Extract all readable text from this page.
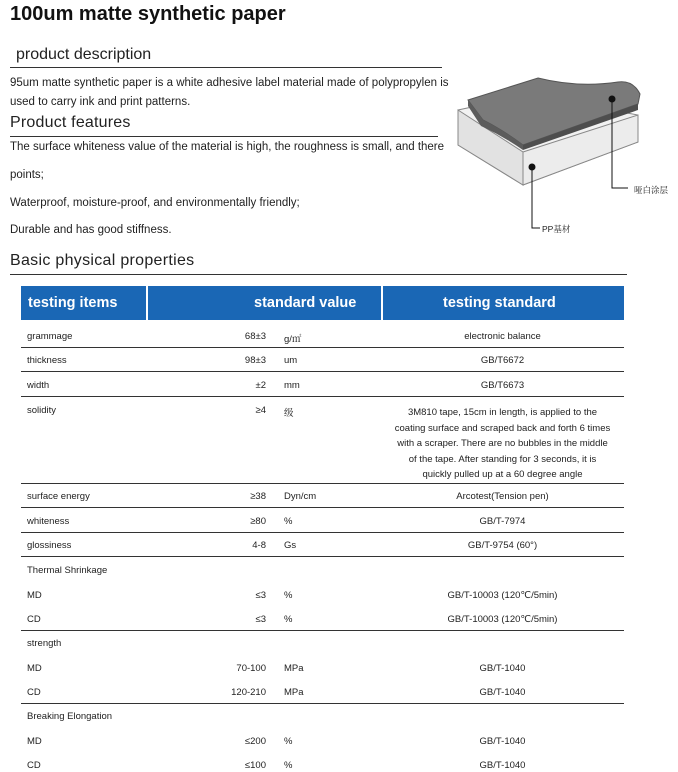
100um matte synthetic paper
product description
95um matte synthetic paper is a white adhesive label material made of polypropylen is used to carry ink and print patterns.
Product features
The surface whiteness value of the material is high, the roughness is small, and there
points;
Waterproof, moisture-proof, and environmentally friendly;
Durable and has good stiffness.
哑白涂层
PP基材
Basic physical properties
testing items	standard value	testing standard
grammage	68±3 g/㎡	electronic balance
thickness	98±3 um	GB/T6672
width	±2 mm	GB/T6673
solidity	≥4 级	3M810 tape, 15cm in length, is applied to the
coating surface and scraped back and forth 6 times
with a scraper. There are no bubbles in the middle
of the tape. After standing for 3 seconds, it is
quickly pulled up at a 60 degree angle
surface energy	≥38 Dyn/cm	Arcotest(Tension pen)
whiteness	≥80 %	GB/T-7974
glossiness	4-8 Gs	GB/T-9754 (60°)
Thermal Shrinkage
MD	≤3 %	GB/T-10003 (120℃/5min)
CD	≤3 %	GB/T-10003 (120℃/5min)
strength
MD	70-100 MPa	GB/T-1040
CD	120-210 MPa	GB/T-1040
Breaking Elongation
MD	≤200 %	GB/T-1040
CD	≤100 %	GB/T-1040
